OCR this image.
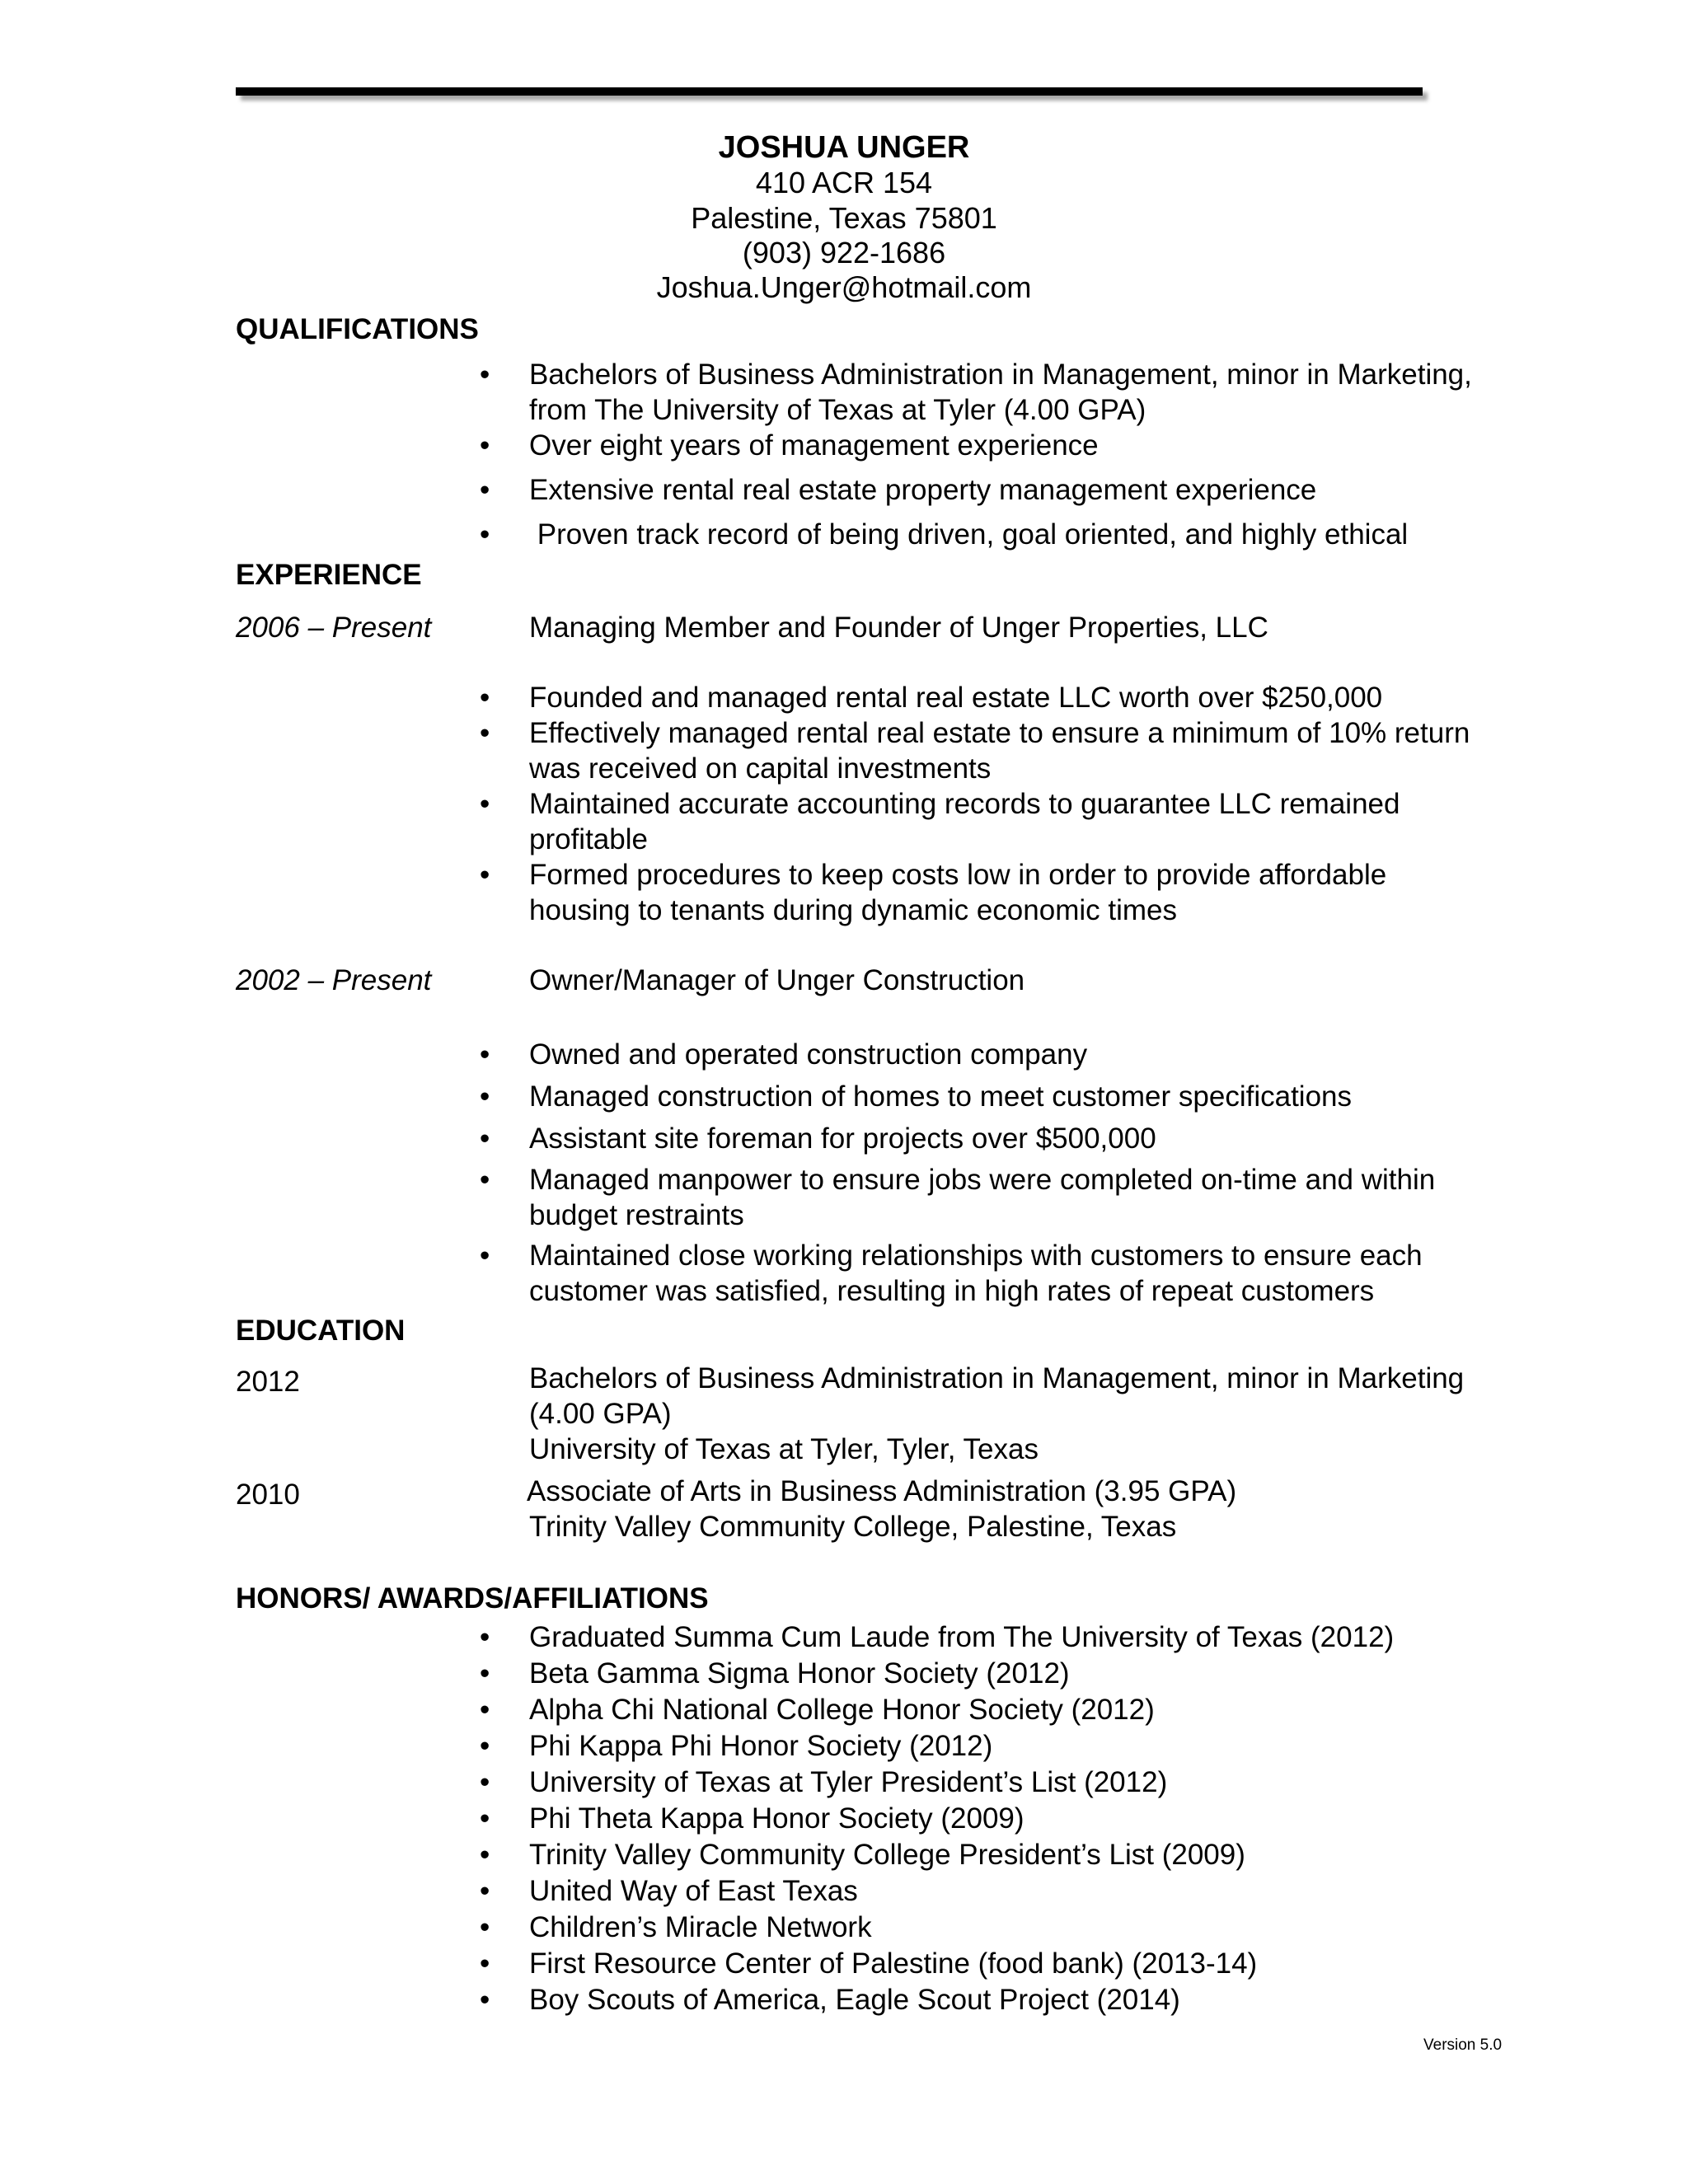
JOSHUA UNGER
410 ACR 154
Palestine, Texas 75801
(903) 922-1686
Joshua.Unger@hotmail.com
QUALIFICATIONS
• Bachelors of Business Administration in Management, minor in Marketing,
from The University of Texas at Tyler (4.00 GPA)
• Over eight years of management experience
• Extensive rental real estate property management experience
• Proven track record of being driven, goal oriented, and highly ethical
EXPERIENCE
2006 – Present	Managing Member and Founder of Unger Properties, LLC
• Founded and managed rental real estate LLC worth over $250,000
• Effectively managed rental real estate to ensure a minimum of 10% return
was received on capital investments
• Maintained accurate accounting records to guarantee LLC remained
profitable
• Formed procedures to keep costs low in order to provide affordable
housing to tenants during dynamic economic times
2002 – Present	Owner/Manager of Unger Construction
• Owned and operated construction company
• Managed construction of homes to meet customer specifications
• Assistant site foreman for projects over $500,000
• Managed manpower to ensure jobs were completed on-time and within
budget restraints
• Maintained close working relationships with customers to ensure each
customer was satisfied, resulting in high rates of repeat customers
EDUCATION
2012	Bachelors of Business Administration in Management, minor in Marketing
(4.00 GPA)
University of Texas at Tyler, Tyler, Texas
2010	Associate of Arts in Business Administration (3.95 GPA)
Trinity Valley Community College, Palestine, Texas
HONORS/ AWARDS/AFFILIATIONS
• Graduated Summa Cum Laude from The University of Texas (2012)
• Beta Gamma Sigma Honor Society (2012)
• Alpha Chi National College Honor Society (2012)
• Phi Kappa Phi Honor Society (2012)
• University of Texas at Tyler President’s List (2012)
• Phi Theta Kappa Honor Society (2009)
• Trinity Valley Community College President’s List (2009)
• United Way of East Texas
• Children’s Miracle Network
• First Resource Center of Palestine (food bank) (2013-14)
• Boy Scouts of America, Eagle Scout Project (2014)
Version 5.0
